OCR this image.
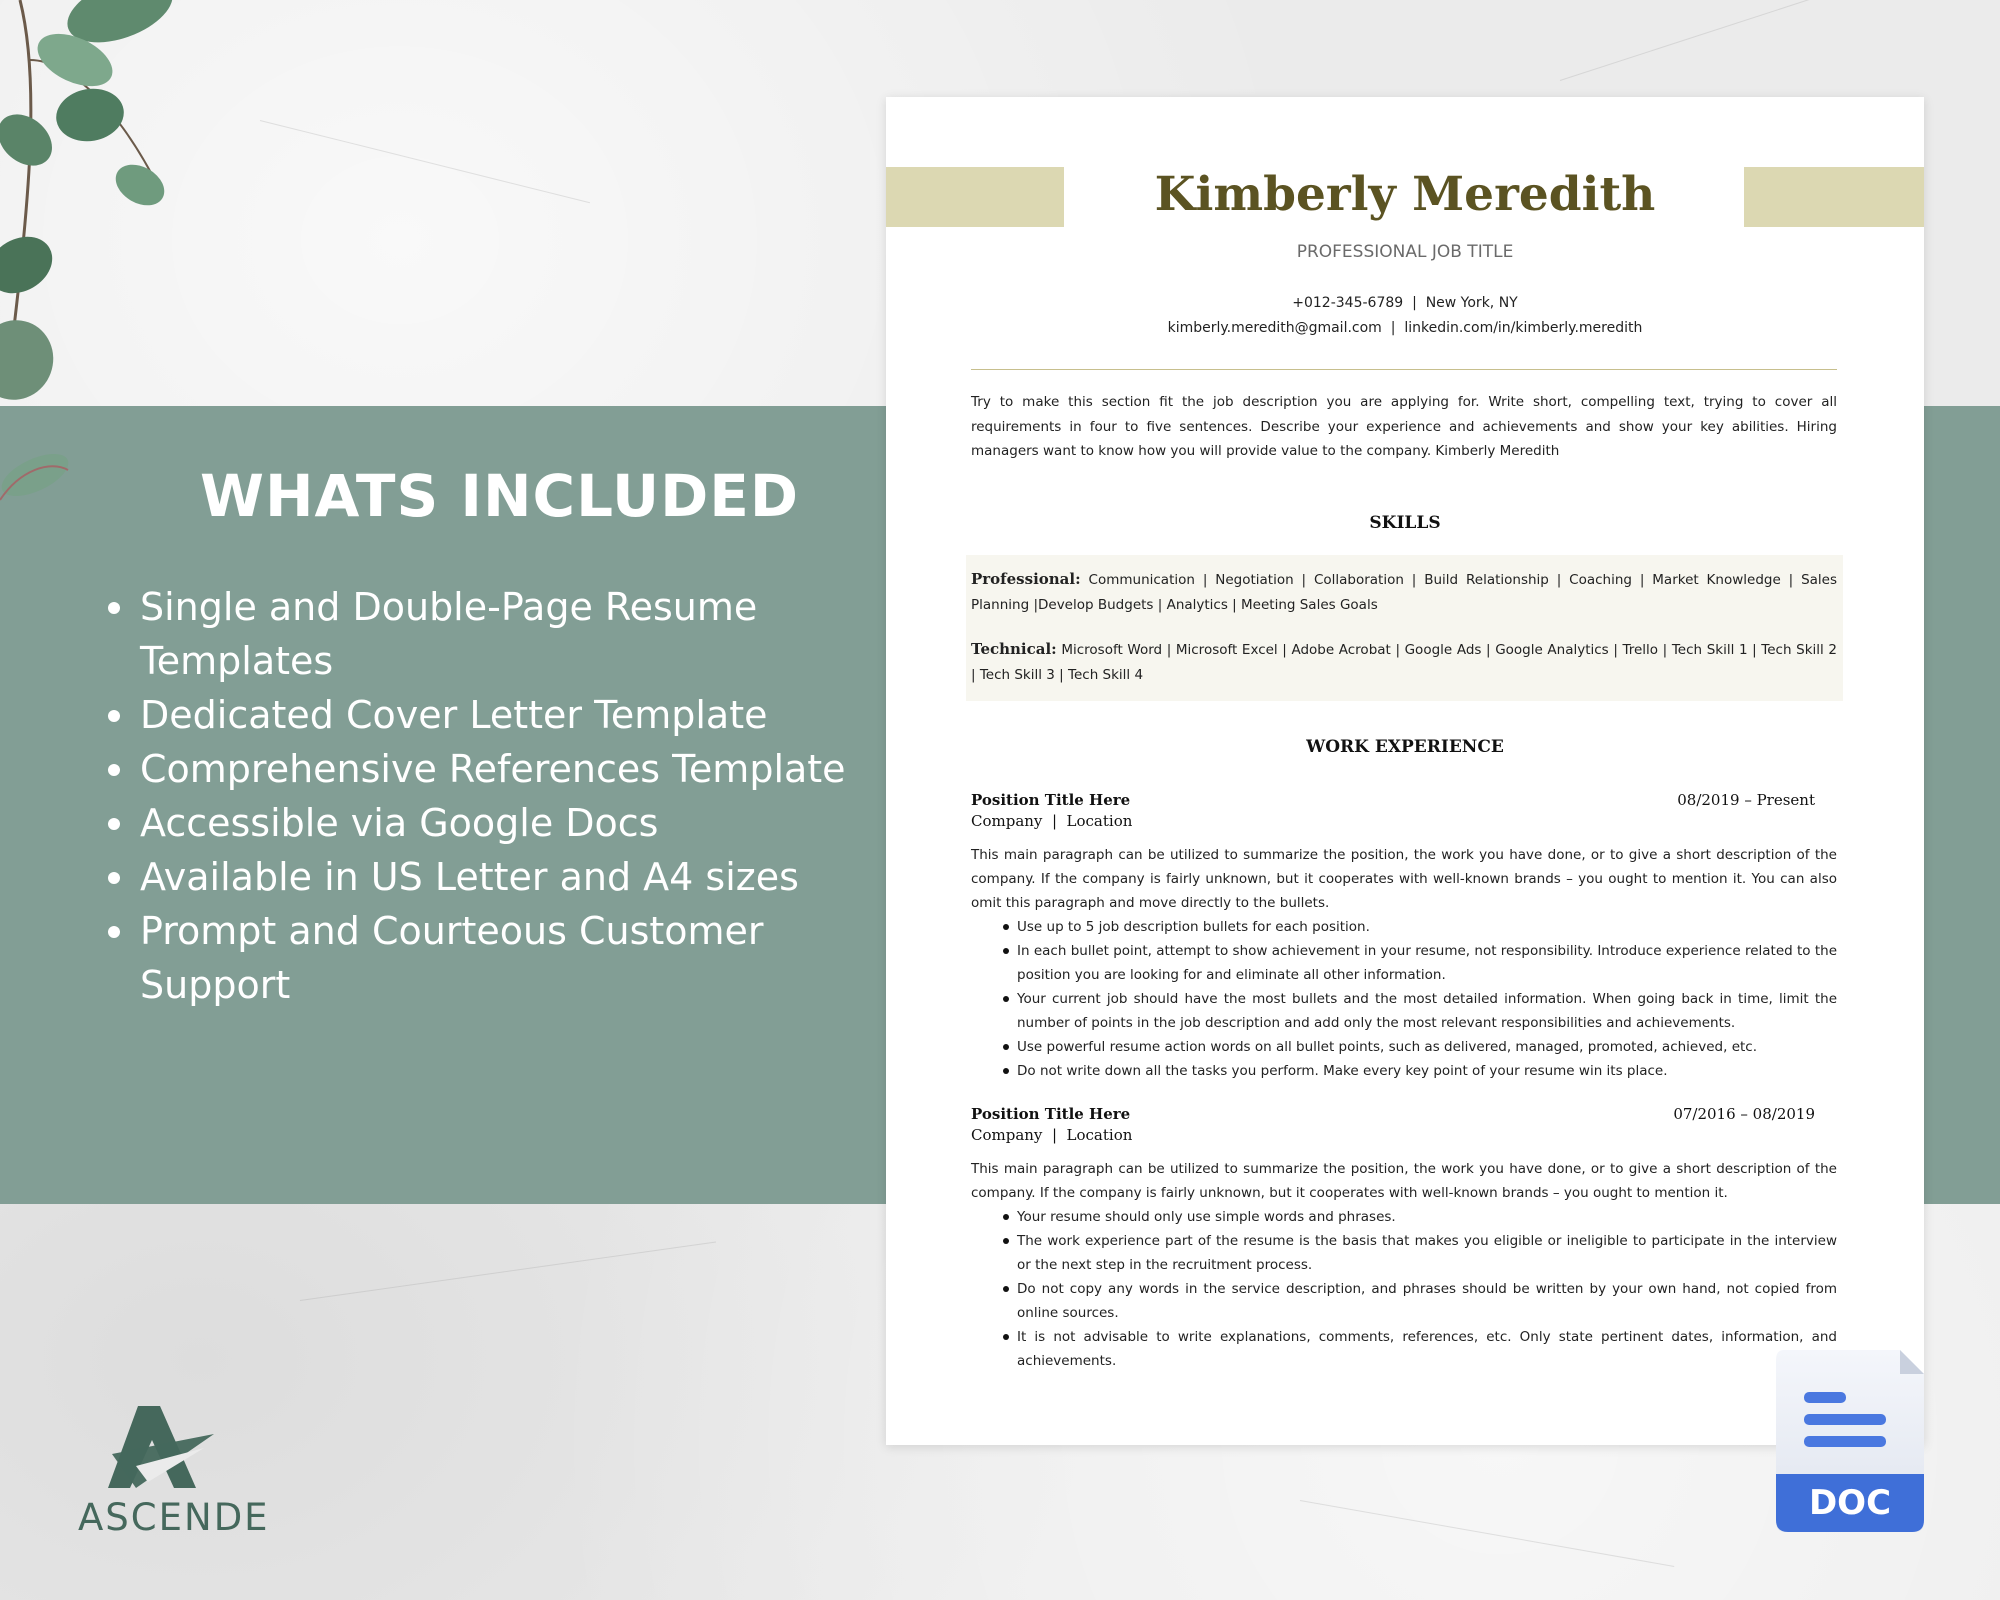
WHATS INCLUDED
Single and Double-Page Resume Templates
Dedicated Cover Letter Template
Comprehensive References Template
Accessible via Google Docs
Available in US Letter and A4 sizes
Prompt and Courteous Customer Support
ASCENDE
Kimberly Meredith

PROFESSIONAL JOB TITLE

+012-345-6789  |  New York, NY
kimberly.meredith@gmail.com  |  linkedin.com/in/kimberly.meredith

Try to make this section fit the job description you are applying for. Write short, compelling text, trying to cover all requirements in four to five sentences. Describe your experience and achievements and show your key abilities. Hiring managers want to know how you will provide value to the company. Kimberly Meredith

SKILLS

Professional: Communication | Negotiation | Collaboration | Build Relationship | Coaching | Market Knowledge | Sales Planning |Develop Budgets | Analytics | Meeting Sales Goals

Technical: Microsoft Word | Microsoft Excel | Adobe Acrobat | Google Ads | Google Analytics | Trello | Tech Skill 1 | Tech Skill 2 | Tech Skill 3 | Tech Skill 4

WORK EXPERIENCE
Position Title Here	08/2019 – Present
Company  |  Location

This main paragraph can be utilized to summarize the position, the work you have done, or to give a short description of the company. If the company is fairly unknown, but it cooperates with well-known brands – you ought to mention it. You can also omit this paragraph and move directly to the bullets.

Use up to 5 job description bullets for each position.
In each bullet point, attempt to show achievement in your resume, not responsibility. Introduce experience related to the position you are looking for and eliminate all other information.
Your current job should have the most bullets and the most detailed information. When going back in time, limit the number of points in the job description and add only the most relevant responsibilities and achievements.
Use powerful resume action words on all bullet points, such as delivered, managed, promoted, achieved, etc.
Do not write down all the tasks you perform. Make every key point of your resume win its place.
Position Title Here	07/2016 – 08/2019
Company  |  Location

This main paragraph can be utilized to summarize the position, the work you have done, or to give a short description of the company. If the company is fairly unknown, but it cooperates with well-known brands – you ought to mention it.

Your resume should only use simple words and phrases.
The work experience part of the resume is the basis that makes you eligible or ineligible to participate in the interview or the next step in the recruitment process.
Do not copy any words in the service description, and phrases should be written by your own hand, not copied from online sources.
It is not advisable to write explanations, comments, references, etc. Only state pertinent dates, information, and achievements.
DOC
